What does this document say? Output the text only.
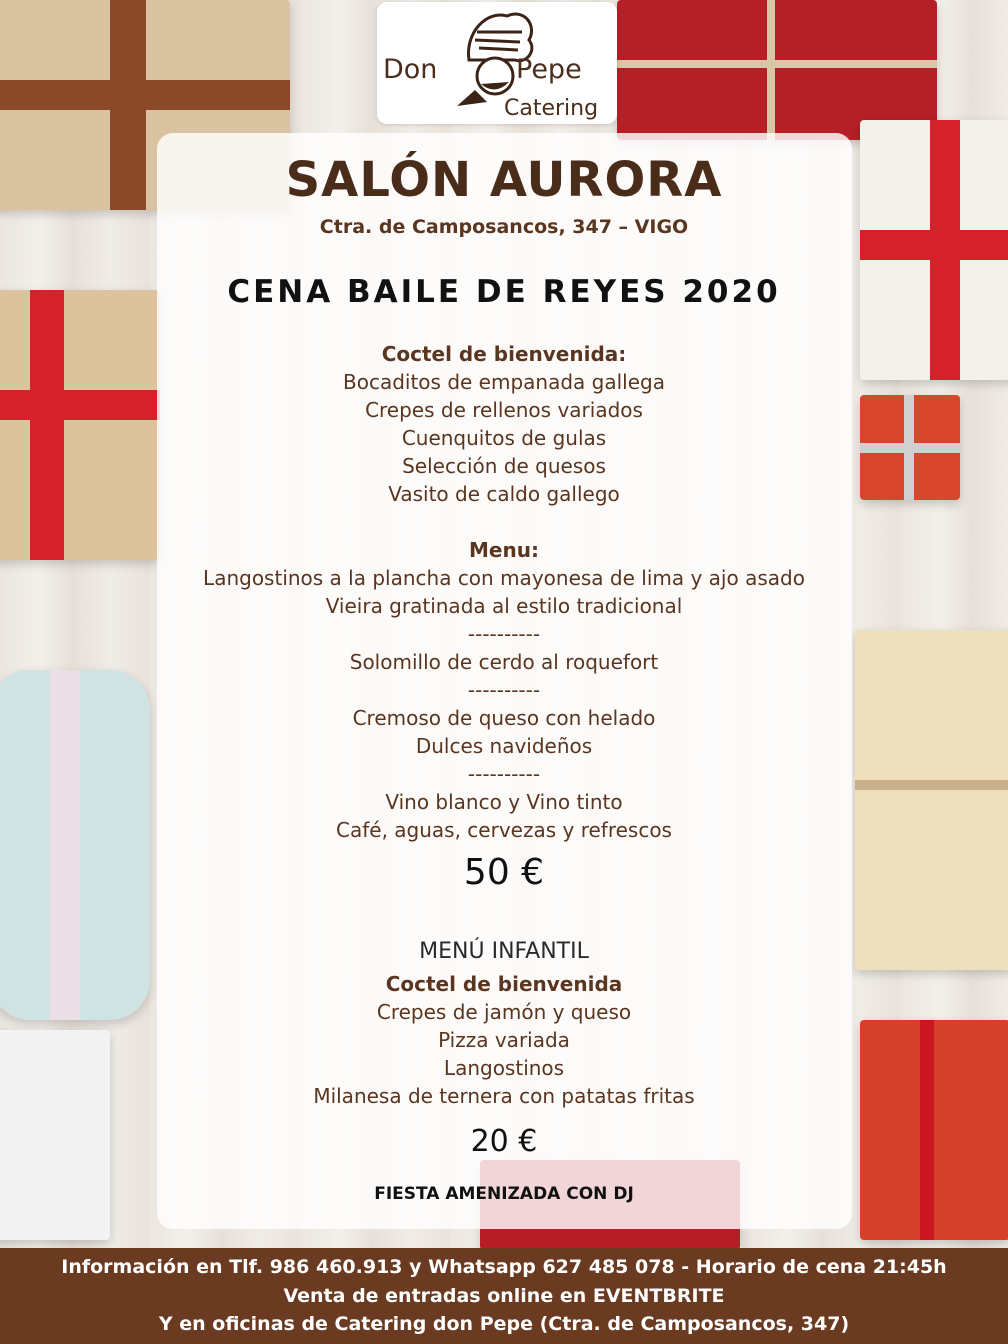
Don	Pepe
Catering
SALÓN AURORA
Ctra. de Camposancos, 347 – VIGO
CENA BAILE DE REYES 2020
Coctel de bienvenida:
Bocaditos de empanada gallega
Crepes de rellenos variados
Cuenquitos de gulas
Selección de quesos
Vasito de caldo gallego
Menu:
Langostinos a la plancha con mayonesa de lima y ajo asado
Vieira gratinada al estilo tradicional
----------
Solomillo de cerdo al roquefort
----------
Cremoso de queso con helado
Dulces navideños
----------
Vino blanco y Vino tinto
Café, aguas, cervezas y refrescos
50 €
MENÚ INFANTIL
Coctel de bienvenida
Crepes de jamón y queso
Pizza variada
Langostinos
Milanesa de ternera con patatas fritas
20 €
FIESTA AMENIZADA CON DJ
Información en Tlf. 986 460.913 y Whatsapp 627 485 078 - Horario de cena 21:45h
Venta de entradas online en EVENTBRITE
Y en oficinas de Catering don Pepe (Ctra. de Camposancos, 347)
